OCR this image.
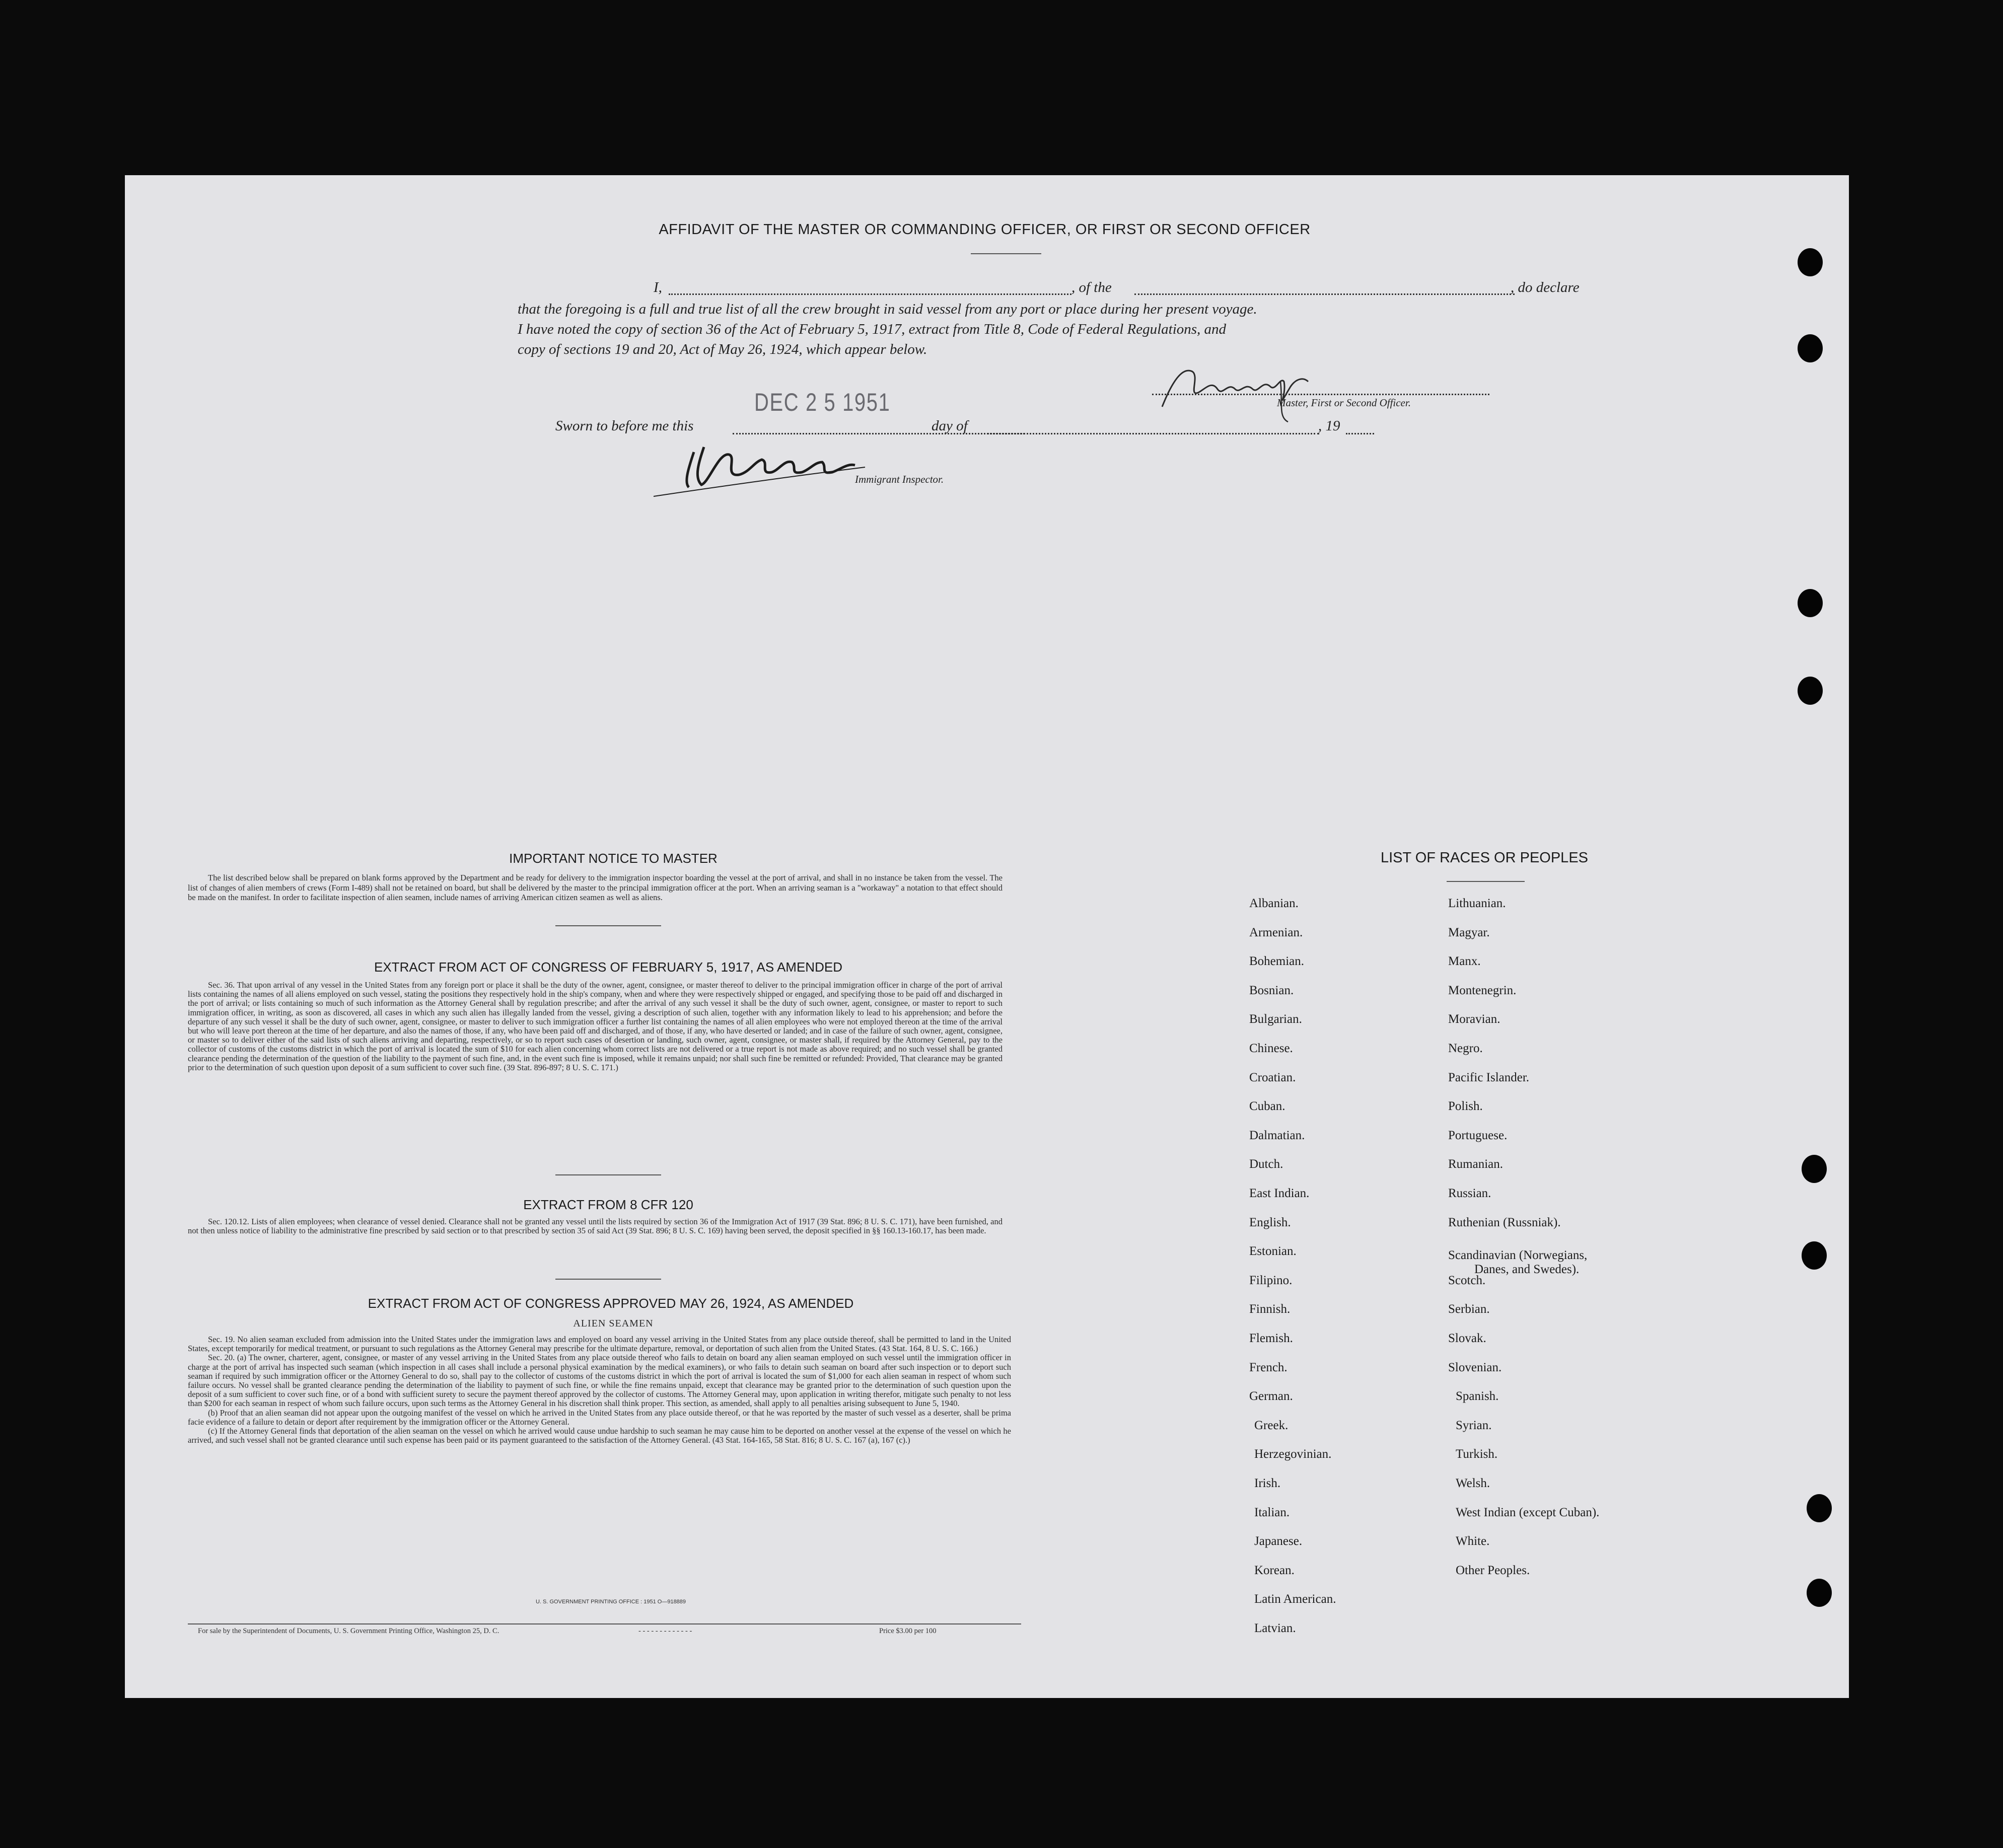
AFFIDAVIT OF THE MASTER OR COMMANDING OFFICER, OR FIRST OR SECOND OFFICER
I,	, of the	, do declare
that the foregoing is a full and true list of all the crew brought in said vessel from any port or place during her present voyage.
I have noted the copy of section 36 of the Act of February 5, 1917, extract from Title 8, Code of Federal Regulations, and
copy of sections 19 and 20, Act of May 26, 1924, which appear below.
Master, First or Second Officer.
Sworn to before me this
DEC 2 5 1951
day of	, 19
Immigrant Inspector.
IMPORTANT NOTICE TO MASTER

The list described below shall be prepared on blank forms approved by the Department and be ready for delivery to the immigration inspector boarding the vessel at the port of arrival, and shall in no instance be taken from the vessel. The list of changes of alien members of crews (Form I-489) shall not be retained on board, but shall be delivered by the master to the principal immigration officer at the port. When an arriving seaman is a "workaway" a notation to that effect should be made on the manifest. In order to facilitate inspection of alien seamen, include names of arriving American citizen seamen as well as aliens.

EXTRACT FROM ACT OF CONGRESS OF FEBRUARY 5, 1917, AS AMENDED

Sec. 36. That upon arrival of any vessel in the United States from any foreign port or place it shall be the duty of the owner, agent, consignee, or master thereof to deliver to the principal immigration officer in charge of the port of arrival lists containing the names of all aliens employed on such vessel, stating the positions they respectively hold in the ship's company, when and where they were respectively shipped or engaged, and specifying those to be paid off and discharged in the port of arrival; or lists containing so much of such information as the Attorney General shall by regulation prescribe; and after the arrival of any such vessel it shall be the duty of such owner, agent, consignee, or master to report to such immigration officer, in writing, as soon as discovered, all cases in which any such alien has illegally landed from the vessel, giving a description of such alien, together with any information likely to lead to his apprehension; and before the departure of any such vessel it shall be the duty of such owner, agent, consignee, or master to deliver to such immigration officer a further list containing the names of all alien employees who were not employed thereon at the time of the arrival but who will leave port thereon at the time of her departure, and also the names of those, if any, who have been paid off and discharged, and of those, if any, who have deserted or landed; and in case of the failure of such owner, agent, consignee, or master so to deliver either of the said lists of such aliens arriving and departing, respectively, or so to report such cases of desertion or landing, such owner, agent, consignee, or master shall, if required by the Attorney General, pay to the collector of customs of the customs district in which the port of arrival is located the sum of $10 for each alien concerning whom correct lists are not delivered or a true report is not made as above required; and no such vessel shall be granted clearance pending the determination of the question of the liability to the payment of such fine, and, in the event such fine is imposed, while it remains unpaid; nor shall such fine be remitted or refunded: Provided, That clearance may be granted prior to the determination of such question upon deposit of a sum sufficient to cover such fine. (39 Stat. 896-897; 8 U. S. C. 171.)

EXTRACT FROM 8 CFR 120

Sec. 120.12. Lists of alien employees; when clearance of vessel denied. Clearance shall not be granted any vessel until the lists required by section 36 of the Immigration Act of 1917 (39 Stat. 896; 8 U. S. C. 171), have been furnished, and not then unless notice of liability to the administrative fine prescribed by said section or to that prescribed by section 35 of said Act (39 Stat. 896; 8 U. S. C. 169) having been served, the deposit specified in §§ 160.13-160.17, has been made.

EXTRACT FROM ACT OF CONGRESS APPROVED MAY 26, 1924, AS AMENDED
ALIEN SEAMEN

Sec. 19. No alien seaman excluded from admission into the United States under the immigration laws and employed on board any vessel arriving in the United States from any place outside thereof, shall be permitted to land in the United States, except temporarily for medical treatment, or pursuant to such regulations as the Attorney General may prescribe for the ultimate departure, removal, or deportation of such alien from the United States. (43 Stat. 164, 8 U. S. C. 166.)

Sec. 20. (a) The owner, charterer, agent, consignee, or master of any vessel arriving in the United States from any place outside thereof who fails to detain on board any alien seaman employed on such vessel until the immigration officer in charge at the port of arrival has inspected such seaman (which inspection in all cases shall include a personal physical examination by the medical examiners), or who fails to detain such seaman on board after such inspection or to deport such seaman if required by such immigration officer or the Attorney General to do so, shall pay to the collector of customs of the customs district in which the port of arrival is located the sum of $1,000 for each alien seaman in respect of whom such failure occurs. No vessel shall be granted clearance pending the determination of the liability to payment of such fine, or while the fine remains unpaid, except that clearance may be granted prior to the determination of such question upon the deposit of a sum sufficient to cover such fine, or of a bond with sufficient surety to secure the payment thereof approved by the collector of customs. The Attorney General may, upon application in writing therefor, mitigate such penalty to not less than $200 for each seaman in respect of whom such failure occurs, upon such terms as the Attorney General in his discretion shall think proper. This section, as amended, shall apply to all penalties arising subsequent to June 5, 1940.

(b) Proof that an alien seaman did not appear upon the outgoing manifest of the vessel on which he arrived in the United States from any place outside thereof, or that he was reported by the master of such vessel as a deserter, shall be prima facie evidence of a failure to detain or deport after requirement by the immigration officer or the Attorney General.

(c) If the Attorney General finds that deportation of the alien seaman on the vessel on which he arrived would cause undue hardship to such seaman he may cause him to be deported on another vessel at the expense of the vessel on which he arrived, and such vessel shall not be granted clearance until such expense has been paid or its payment guaranteed to the satisfaction of the Attorney General. (43 Stat. 164-165, 58 Stat. 816; 8 U. S. C. 167 (a), 167 (c).)

U. S. GOVERNMENT PRINTING OFFICE : 1951 O—918889
For sale by the Superintendent of Documents, U. S. Government Printing Office, Washington 25, D. C.	- - - - - - - - - - - - -	Price $3.00 per 100
LIST OF RACES OR PEOPLES
Albanian.
Armenian.
Bohemian.
Bosnian.
Bulgarian.
Chinese.
Croatian.
Cuban.
Dalmatian.
Dutch.
East Indian.
English.
Estonian.
Filipino.
Finnish.
Flemish.
French.
German.
Greek.
Herzegovinian.
Irish.
Italian.
Japanese.
Korean.
Latin American.
Latvian.
Lithuanian.
Magyar.
Manx.
Montenegrin.
Moravian.
Negro.
Pacific Islander.
Polish.
Portuguese.
Rumanian.
Russian.
Ruthenian (Russniak).
Scandinavian (Norwegians,
Danes, and Swedes).
Scotch.
Serbian.
Slovak.
Slovenian.
Spanish.
Syrian.
Turkish.
Welsh.
West Indian (except Cuban).
White.
Other Peoples.
